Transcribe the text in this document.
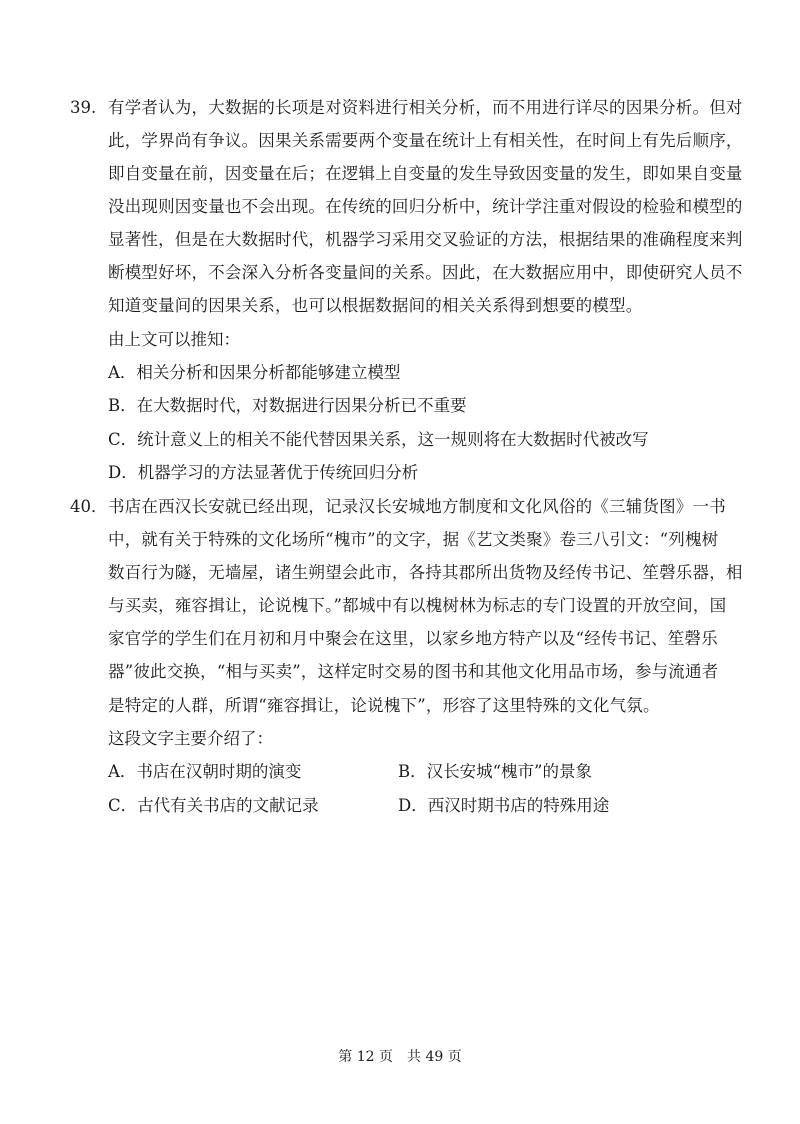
39. 有学者认为，大数据的长项是对资料进行相关分析，而不用进行详尽的因果分析。但对
此，学界尚有争议。因果关系需要两个变量在统计上有相关性，在时间上有先后顺序，
即自变量在前，因变量在后；在逻辑上自变量的发生导致因变量的发生，即如果自变量
没出现则因变量也不会出现。在传统的回归分析中，统计学注重对假设的检验和模型的
显著性，但是在大数据时代，机器学习采用交叉验证的方法，根据结果的准确程度来判
断模型好坏，不会深入分析各变量间的关系。因此，在大数据应用中，即使研究人员不
知道变量间的因果关系，也可以根据数据间的相关关系得到想要的模型。
由上文可以推知：
A．相关分析和因果分析都能够建立模型
B．在大数据时代，对数据进行因果分析已不重要
C．统计意义上的相关不能代替因果关系，这一规则将在大数据时代被改写
D．机器学习的方法显著优于传统回归分析
40． 书店在西汉长安就已经出现，记录汉长安城地方制度和文化风俗的《三辅货图》一书
中，就有关于特殊的文化场所“槐市”的文字，据《艺文类聚》卷三八引文：“列槐树
数百行为隧，无墙屋，诸生朔望会此市，各持其郡所出货物及经传书记、笙磬乐器，相
与买卖，雍容揖让，论说槐下。”都城中有以槐树林为标志的专门设置的开放空间，国
家官学的学生们在月初和月中聚会在这里，以家乡地方特产以及“经传书记、笙磬乐
器”彼此交换，“相与买卖”，这样定时交易的图书和其他文化用品市场，参与流通者
是特定的人群，所谓“雍容揖让，论说槐下”，形容了这里特殊的文化气氛。
这段文字主要介绍了：
A．书店在汉朝时期的演变	B．汉长安城“槐市”的景象
C．古代有关书店的文献记录	D．西汉时期书店的特殊用途
第 12 页　共 49 页
